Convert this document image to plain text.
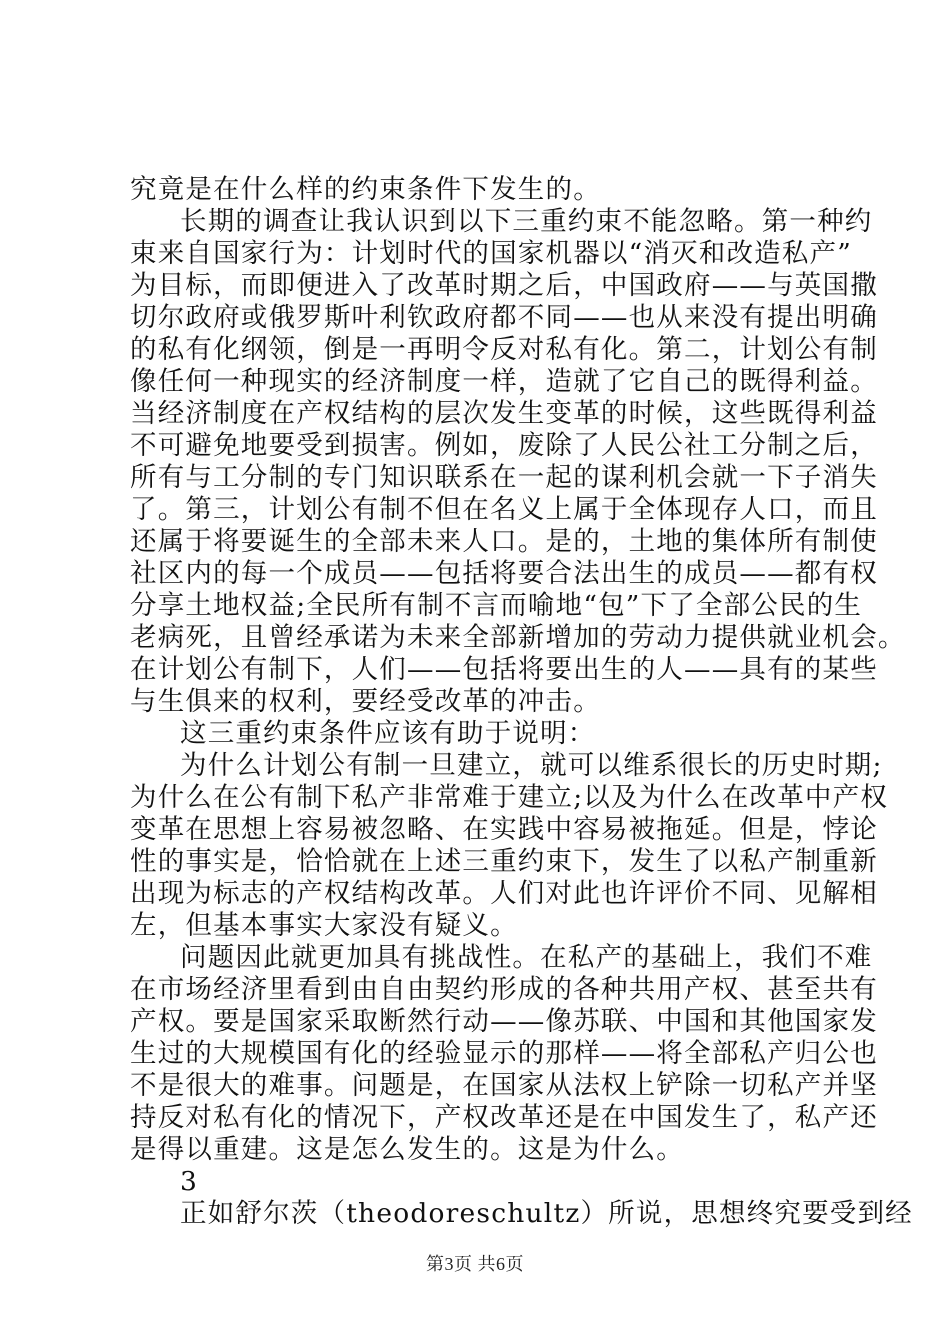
究竟是在什么样的约束条件下发生的。
长期的调查让我认识到以下三重约束不能忽略。第一种约
束来自国家行为：计划时代的国家机器以“消灭和改造私产”
为目标，而即便进入了改革时期之后，中国政府——与英国撒
切尔政府或俄罗斯叶利钦政府都不同——也从来没有提出明确
的私有化纲领，倒是一再明令反对私有化。第二，计划公有制
像任何一种现实的经济制度一样，造就了它自己的既得利益。
当经济制度在产权结构的层次发生变革的时候，这些既得利益
不可避免地要受到损害。例如，废除了人民公社工分制之后，
所有与工分制的专门知识联系在一起的谋利机会就一下子消失
了。第三，计划公有制不但在名义上属于全体现存人口，而且
还属于将要诞生的全部未来人口。是的，土地的集体所有制使
社区内的每一个成员——包括将要合法出生的成员——都有权
分享土地权益;全民所有制不言而喻地“包”下了全部公民的生
老病死，且曾经承诺为未来全部新增加的劳动力提供就业机会。
在计划公有制下，人们——包括将要出生的人——具有的某些
与生俱来的权利，要经受改革的冲击。
这三重约束条件应该有助于说明：
为什么计划公有制一旦建立，就可以维系很长的历史时期;
为什么在公有制下私产非常难于建立;以及为什么在改革中产权
变革在思想上容易被忽略、在实践中容易被拖延。但是，悖论
性的事实是，恰恰就在上述三重约束下，发生了以私产制重新
出现为标志的产权结构改革。人们对此也许评价不同、见解相
左，但基本事实大家没有疑义。
问题因此就更加具有挑战性。在私产的基础上，我们不难
在市场经济里看到由自由契约形成的各种共用产权、甚至共有
产权。要是国家采取断然行动——像苏联、中国和其他国家发
生过的大规模国有化的经验显示的那样——将全部私产归公也
不是很大的难事。问题是，在国家从法权上铲除一切私产并坚
持反对私有化的情况下，产权改革还是在中国发生了，私产还
是得以重建。这是怎么发生的。这是为什么。
3
正如舒尔茨（theodoreschultz）所说，思想终究要受到经
第3页 共6页
